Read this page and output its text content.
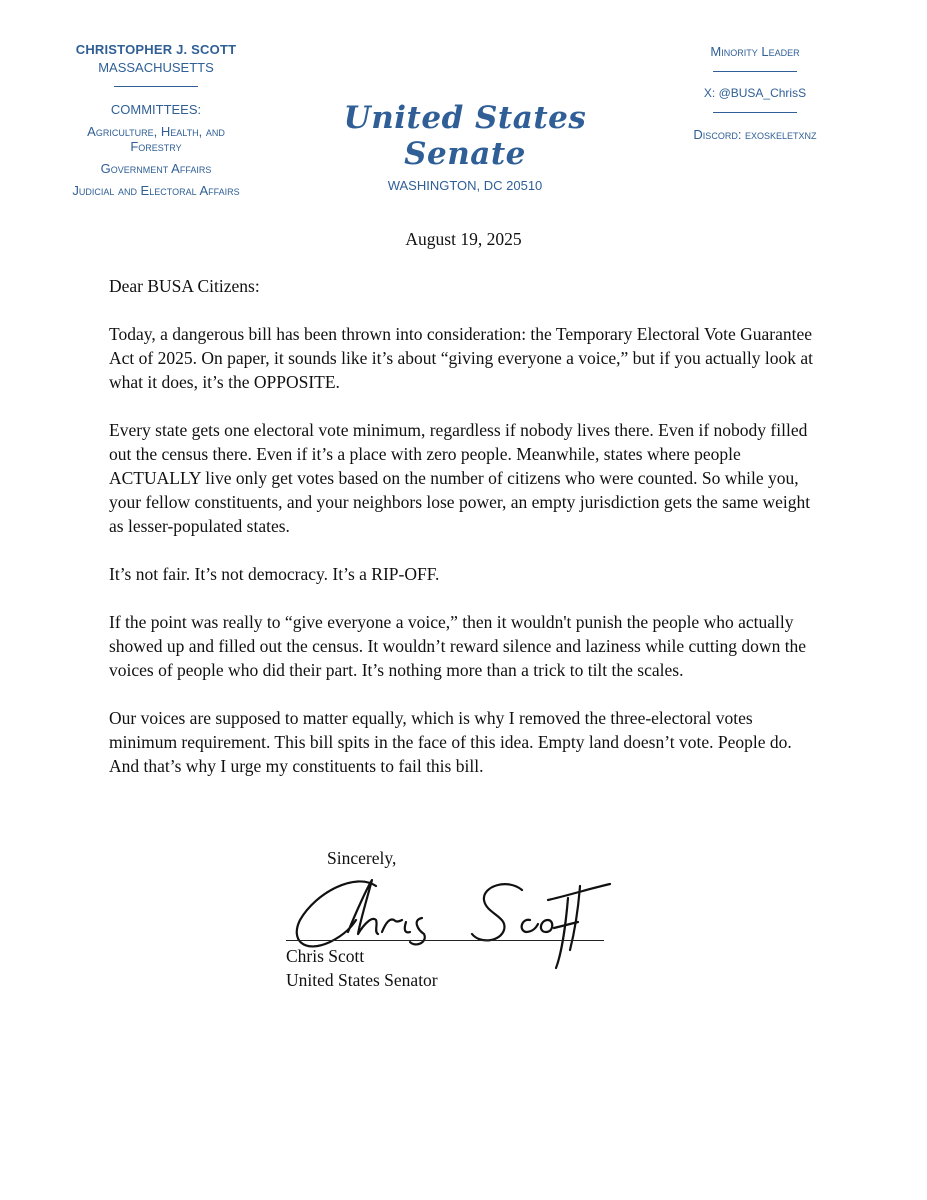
CHRISTOPHER J. SCOTT
MASSACHUSETTS
COMMITTEES:
Agriculture, Health, and Forestry
Government Affairs
Judicial and Electoral Affairs
United States Senate
WASHINGTON, DC 20510
Minority Leader
X: @BUSA_ChrisS
Discord: exoskeletxnz
August 19, 2025

Dear BUSA Citizens:

Today, a dangerous bill has been thrown into consideration: the Temporary Electoral Vote Guarantee Act of 2025. On paper, it sounds like it’s about “giving everyone a voice,” but if you actually look at what it does, it’s the OPPOSITE.

Every state gets one electoral vote minimum, regardless if nobody lives there. Even if nobody filled out the census there. Even if it’s a place with zero people. Meanwhile, states where people ACTUALLY live only get votes based on the number of citizens who were counted. So while you, your fellow constituents, and your neighbors lose power, an empty jurisdiction gets the same weight as lesser-populated states.

It’s not fair. It’s not democracy. It’s a RIP-OFF.

If the point was really to “give everyone a voice,” then it wouldn't punish the people who actually showed up and filled out the census. It wouldn’t reward silence and laziness while cutting down the voices of people who did their part. It’s nothing more than a trick to tilt the scales.

Our voices are supposed to matter equally, which is why I removed the three-electoral votes minimum requirement. This bill spits in the face of this idea. Empty land doesn’t vote. People do. And that’s why I urge my constituents to fail this bill.

Sincerely,
Chris Scott
United States Senator
